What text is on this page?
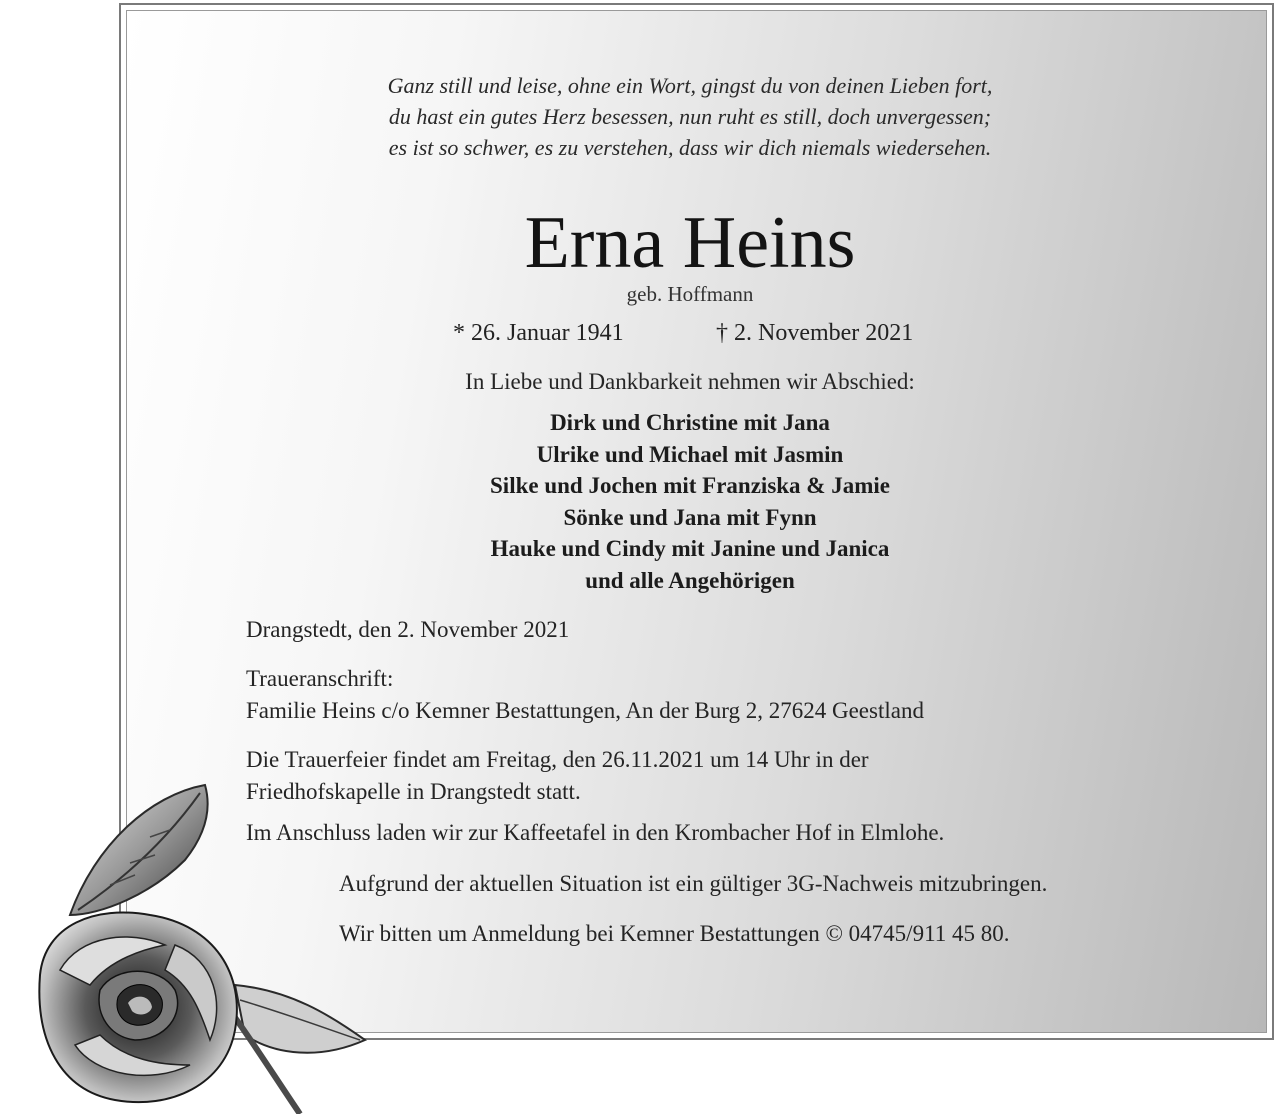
Ganz still und leise, ohne ein Wort, gingst du von deinen Lieben fort,
du hast ein gutes Herz besessen, nun ruht es still, doch unvergessen;
es ist so schwer, es zu verstehen, dass wir dich niemals wiedersehen.
Erna Heins
geb. Hoffmann
* 26. Januar 1941	† 2. November 2021
In Liebe und Dankbarkeit nehmen wir Abschied:
Dirk und Christine mit Jana
Ulrike und Michael mit Jasmin
Silke und Jochen mit Franziska & Jamie
Sönke und Jana mit Fynn
Hauke und Cindy mit Janine und Janica
und alle Angehörigen
Drangstedt, den 2. November 2021
Traueranschrift:
Familie Heins c/o Kemner Bestattungen, An der Burg 2, 27624 Geestland
Die Trauerfeier findet am Freitag, den 26.11.2021 um 14 Uhr in der
Friedhofskapelle in Drangstedt statt.
Im Anschluss laden wir zur Kaffeetafel in den Krombacher Hof in Elmlohe.
Aufgrund der aktuellen Situation ist ein gültiger 3G-Nachweis mitzubringen.
Wir bitten um Anmeldung bei Kemner Bestattungen © 04745/911 45 80.
